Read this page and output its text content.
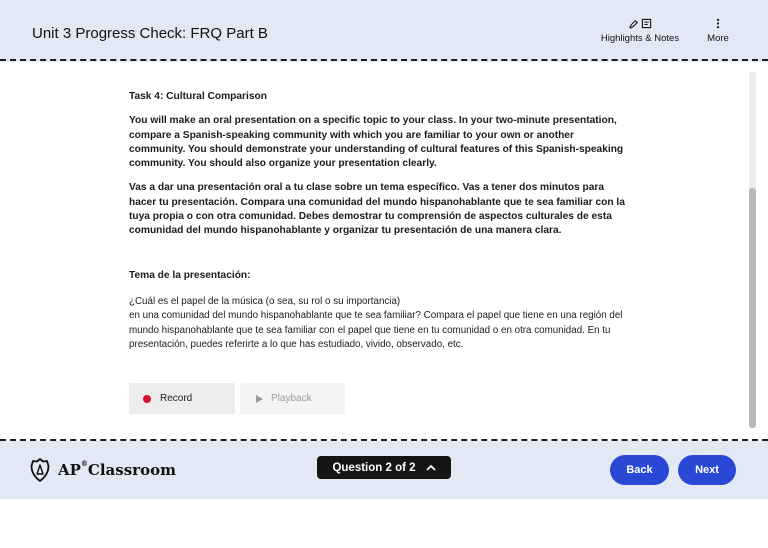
Unit 3 Progress Check: FRQ Part B	Highlights & Notes	More
Task 4: Cultural Comparison
You will make an oral presentation on a specific topic to your class. In your two-minute presentation, compare a Spanish-speaking community with which you are familiar to your own or another community. You should demonstrate your understanding of cultural features of this Spanish-speaking community. You should also organize your presentation clearly.
Vas a dar una presentación oral a tu clase sobre un tema específico. Vas a tener dos minutos para hacer tu presentación. Compara una comunidad del mundo hispanohablante que te sea familiar con la tuya propia o con otra comunidad. Debes demostrar tu comprensión de aspectos culturales de esta comunidad del mundo hispanohablante y organizar tu presentación de una manera clara.
Tema de la presentación:
¿Cuál es el papel de la música (o sea, su rol o su importancia)
en una comunidad del mundo hispanohablante que te sea familiar? Compara el papel que tiene en una región del mundo hispanohablante que te sea familiar con el papel que tiene en tu comunidad o en otra comunidad. En tu presentación, puedes referirte a lo que has estudiado, vivido, observado, etc.
Record	Playback
AP®Classroom	Question 2 of 2	Back	Next
